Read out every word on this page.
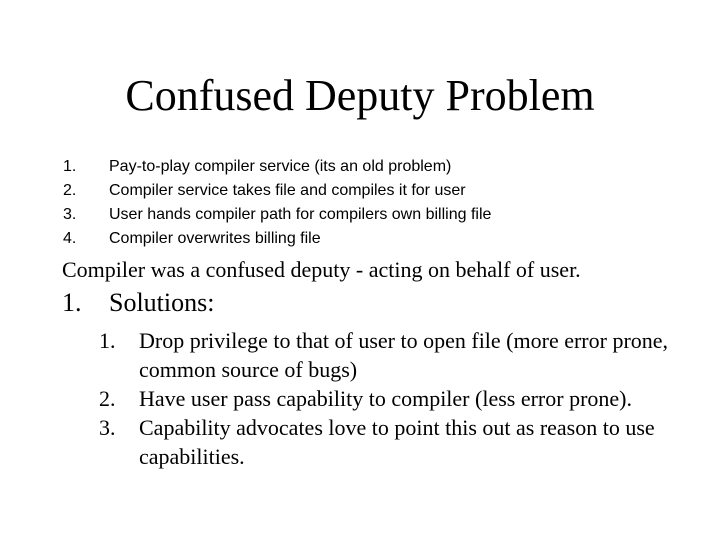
Confused Deputy Problem
1.	Pay-to-play compiler service (its an old problem)
2.	Compiler service takes file and compiles it for user
3.	User hands compiler path for compilers own billing file
4.	Compiler overwrites billing file
Compiler was a confused deputy - acting on behalf of user.
1. Solutions:
1.	Drop privilege to that of user to open file (more error prone, common source of bugs)
2.	Have user pass capability to compiler (less error prone).
3.	Capability advocates love to point this out as reason to use capabilities.
